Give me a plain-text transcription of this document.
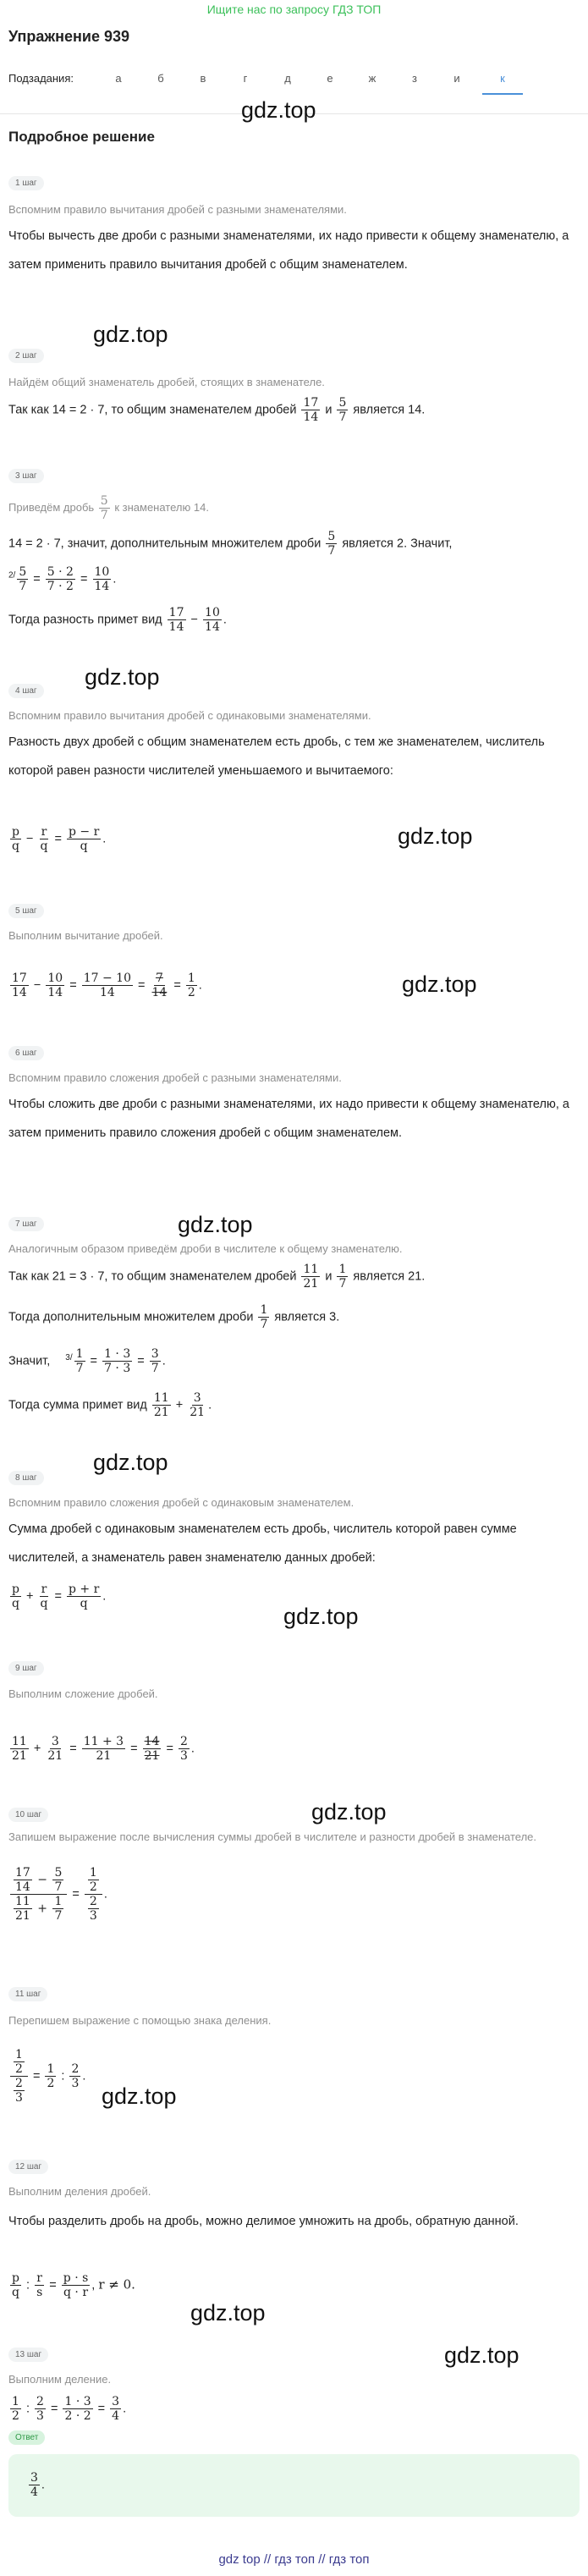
Ищите нас по запросу ГДЗ ТОП
Упражнение 939
Подзадания:	а	б	в	г	д	е	ж	з	и	к
Подробное решение
gdz.top
gdz.top
gdz.top
gdz.top
gdz.top
gdz.top
gdz.top
gdz.top
gdz.top
gdz.top
gdz.top
gdz.top
1 шаг
Вспомним правило вычитания дробей с разными знаменателями.
Чтобы вычесть две дроби с разными знаменателями, их надо привести к общему знаменателю, а затем применить правило вычитания дробей с общим знаменателем.
2 шаг
Найдём общий знаменатель дробей, стоящих в знаменателе.
Так как 14 = 2 · 7, то общим знаменателем дробей $\frac{17}{14}$ и $\frac{5}{7}$ является 14.
3 шаг
Приведём дробь $\frac{5}{7}$ к знаменателю 14.
14 = 2 · 7, значит, дополнительным множителем дроби $\frac{5}{7}$ является 2. Значит,
$^{2/} \frac{5}{7} = \frac{5 \cdot 2}{7 \cdot 2} = \frac{10}{14}$ .
Тогда разность примет вид $\frac{17}{14} - \frac{10}{14}$ .
4 шаг
Вспомним правило вычитания дробей с одинаковыми знаменателями.
Разность двух дробей с общим знаменателем есть дробь, с тем же знаменателем, числитель которой равен разности числителей уменьшаемого и вычитаемого:
$\frac{p}{q} - \frac{r}{q} = \frac{p - r}{q}$ .
5 шаг
Выполним вычитание дробей.
$\frac{17}{14} - \frac{10}{14} = \frac{17 - 10}{14} = \frac{7}{14} = \frac{1}{2}$ .
6 шаг
Вспомним правило сложения дробей с разными знаменателями.
Чтобы сложить две дроби с разными знаменателями, их надо привести к общему знаменателю, а затем применить правило сложения дробей с общим знаменателем.
7 шаг
Аналогичным образом приведём дроби в числителе к общему знаменателю.
Так как 21 = 3 · 7, то общим знаменателем дробей $\frac{11}{21}$ и $\frac{1}{7}$ является 21.
Тогда дополнительным множителем дроби $\frac{1}{7}$ является 3.
Значит, $^{3/} \frac{1}{7} = \frac{1 \cdot 3}{7 \cdot 3} = \frac{3}{7}$ .
Тогда сумма примет вид $\frac{11}{21} + \frac{3}{21}$ .
8 шаг
Вспомним правило сложения дробей с одинаковым знаменателем.
Сумма дробей с одинаковым знаменателем есть дробь, числитель которой равен сумме числителей, а знаменатель равен знаменателю данных дробей:
$\frac{p}{q} + \frac{r}{q} = \frac{p + r}{q}$ .
9 шаг
Выполним сложение дробей.
$\frac{11}{21} + \frac{3}{21} = \frac{11 + 3}{21} = \frac{14}{21} = \frac{2}{3}$ .
10 шаг
Запишем выражение после вычисления суммы дробей в числителе и разности дробей в знаменателе.
$\frac{\frac{17}{14} - \frac{5}{7}}{\frac{11}{21} + \frac{1}{7}} = \frac{\frac{1}{2}}{\frac{2}{3}}$ .
11 шаг
Перепишем выражение с помощью знака деления.
$\frac{\frac{1}{2}}{\frac{2}{3}} = \frac{1}{2}$ : $\frac{2}{3}$ .
12 шаг
Выполним деления дробей.
Чтобы разделить дробь на дробь, можно делимое умножить на дробь, обратную данной.
$\frac{p}{q}$ : $\frac{r}{s} = \frac{p \cdot s}{q \cdot r}$ , r ≠ 0.
13 шаг
Выполним деление.
$\frac{1}{2}$ : $\frac{2}{3} = \frac{1 \cdot 3}{2 \cdot 2} = \frac{3}{4}$ .
Ответ
$\frac{3}{4}$ .
gdz top // гдз топ // гдз топ
